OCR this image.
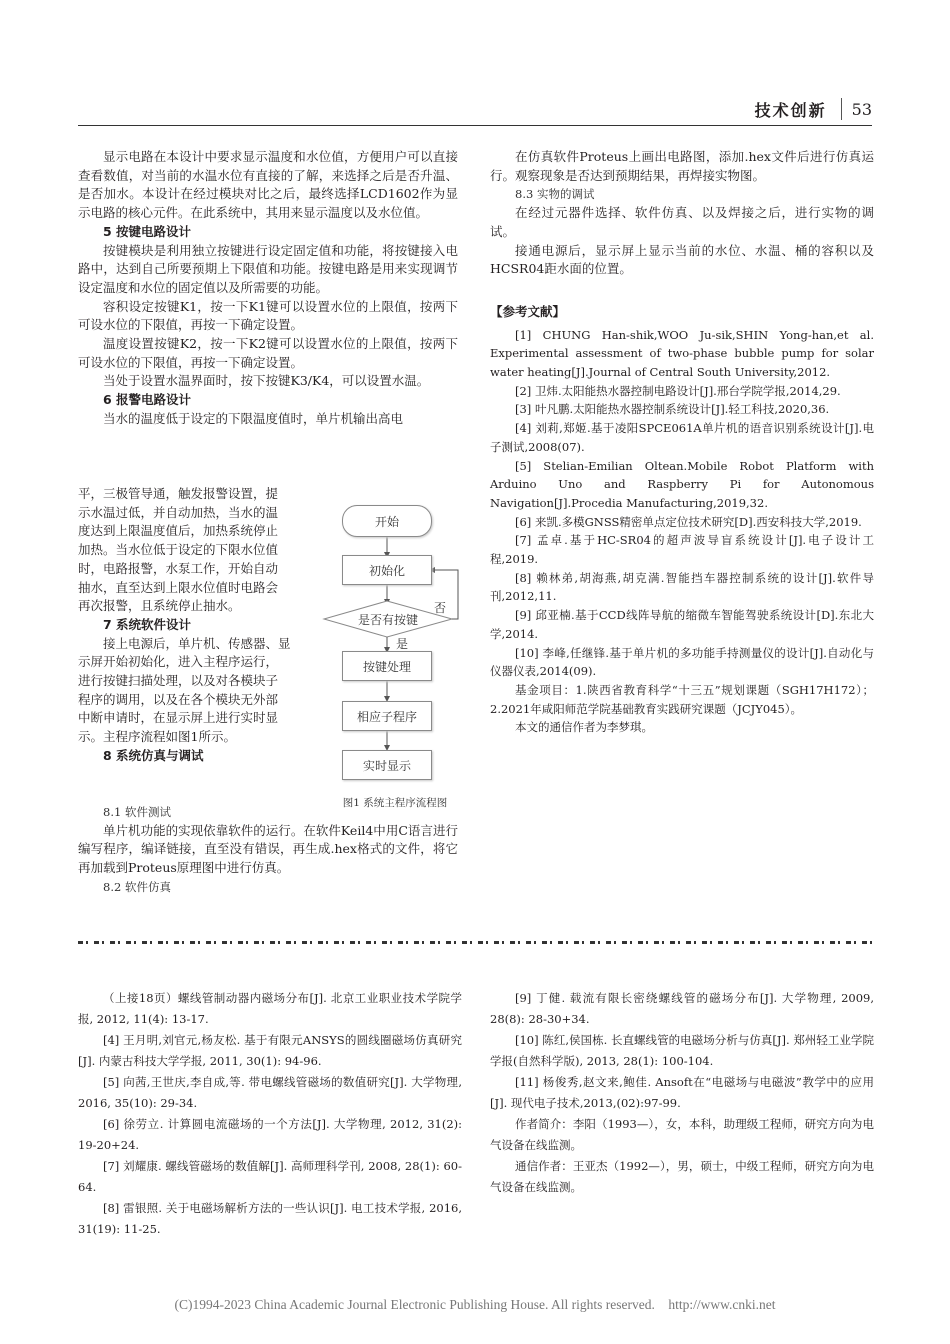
技术创新 53

显示电路在本设计中要求显示温度和水位值，方便用户可以直接查看数值，对当前的水温水位有直接的了解，来选择之后是否升温、是否加水。本设计在经过模块对比之后，最终选择LCD1602作为显示电路的核心元件。在此系统中，其用来显示温度以及水位值。

5 按键电路设计

按键模块是利用独立按键进行设定固定值和功能，将按键接入电路中，达到自己所要预期上下限值和功能。按键电路是用来实现调节设定温度和水位的固定值以及所需要的功能。

容积设定按键K1，按一下K1键可以设置水位的上限值，按两下可设水位的下限值，再按一下确定设置。

温度设置按键K2，按一下K2键可以设置水位的上限值，按两下可设水位的下限值，再按一下确定设置。

当处于设置水温界面时，按下按键K3/K4，可以设置水温。

6 报警电路设计

当水的温度低于设定的下限温度值时，单片机输出高电

平，三极管导通，触发报警设置，提

示水温过低，并自动加热，当水的温

度达到上限温度值后，加热系统停止

加热。当水位低于设定的下限水位值

时，电路报警，水泵工作，开始自动

抽水，直至达到上限水位值时电路会

再次报警，且系统停止抽水。

7 系统软件设计

接上电源后，单片机、传感器、显

示屏开始初始化，进入主程序运行，

进行按键扫描处理，以及对各模块子

程序的调用，以及在各个模块无外部

中断申请时，在显示屏上进行实时显

示。主程序流程如图1所示。

8 系统仿真与调试

8.1 软件测试

单片机功能的实现依靠软件的运行。在软件Keil4中用C语言进行编写程序，编译链接，直至没有错误，再生成.hex格式的文件，将它再加载到Proteus原理图中进行仿真。

8.2 软件仿真

开始
初始化
是否有按键
否
是
按键处理
相应子程序
实时显示
图1 系统主程序流程图

在仿真软件Proteus上画出电路图，添加.hex文件后进行仿真运行。观察现象是否达到预期结果，再焊接实物图。

8.3 实物的调试

在经过元器件选择、软件仿真、以及焊接之后，进行实物的调试。

接通电源后，显示屏上显示当前的水位、水温、桶的容积以及HCSR04距水面的位置。

【参考文献】

[1] CHUNG Han-shik,WOO Ju-sik,SHIN Yong-han,et al. Experimental assessment of two-phase bubble pump for solar water heating[J].Journal of Central South University,2012.

[2] 卫炜.太阳能热水器控制电路设计[J].邢台学院学报,2014,29.

[3] 叶凡鹏.太阳能热水器控制系统设计[J].轻工科技,2020,36.

[4] 刘莉,郑姬.基于凌阳SPCE061A单片机的语音识别系统设计[J].电子测试,2008(07).

[5] Stelian-Emilian Oltean.Mobile Robot Platform with Arduino Uno and Raspberry Pi for Autonomous Navigation[J].Procedia Manufacturing,2019,32.

[6] 来凯.多模GNSS精密单点定位技术研究[D].西安科技大学,2019.

[7] 孟卓.基于HC-SR04的超声波导盲系统设计[J].电子设计工程,2019.

[8] 赖林弟,胡海燕,胡克满.智能挡车器控制系统的设计[J].软件导刊,2012,11.

[9] 邱亚楠.基于CCD线阵导航的缩微车智能驾驶系统设计[D].东北大学,2014.

[10] 李峰,任继锋.基于单片机的多功能手持测量仪的设计[J].自动化与仪器仪表,2014(09).

基金项目：1.陕西省教育科学“十三五”规划课题（SGH17H172）；2.2021年咸阳师范学院基础教育实践研究课题（JCJY045）。

本文的通信作者为李梦琪。

（上接18页）螺线管制动器内磁场分布[J]. 北京工业职业技术学院学报, 2012, 11(4): 13-17.

[4] 王月明,刘官元,杨友松. 基于有限元ANSYS的圆线圈磁场仿真研究[J]. 内蒙古科技大学学报, 2011, 30(1): 94-96.

[5] 向茜,王世庆,李自成,等. 带电螺线管磁场的数值研究[J]. 大学物理, 2016, 35(10): 29-34.

[6] 徐劳立. 计算圆电流磁场的一个方法[J]. 大学物理, 2012, 31(2): 19-20+24.

[7] 刘耀康. 螺线管磁场的数值解[J]. 高师理科学刊, 2008, 28(1): 60-64.

[8] 雷银照. 关于电磁场解析方法的一些认识[J]. 电工技术学报, 2016, 31(19): 11-25.

[9] 丁健. 载流有限长密绕螺线管的磁场分布[J]. 大学物理, 2009, 28(8): 28-30+34.

[10] 陈红,侯国栋. 长直螺线管的电磁场分析与仿真[J]. 郑州轻工业学院学报(自然科学版), 2013, 28(1): 100-104.

[11] 杨俊秀,赵文来,鲍佳. Ansoft在“电磁场与电磁波”教学中的应用[J]. 现代电子技术,2013,(02):97-99.

作者简介：李阳（1993—），女，本科，助理级工程师，研究方向为电气设备在线监测。

通信作者：王亚杰（1992—），男，硕士，中级工程师，研究方向为电气设备在线监测。

(C)1994-2023 China Academic Journal Electronic Publishing House. All rights reserved.    http://www.cnki.net
